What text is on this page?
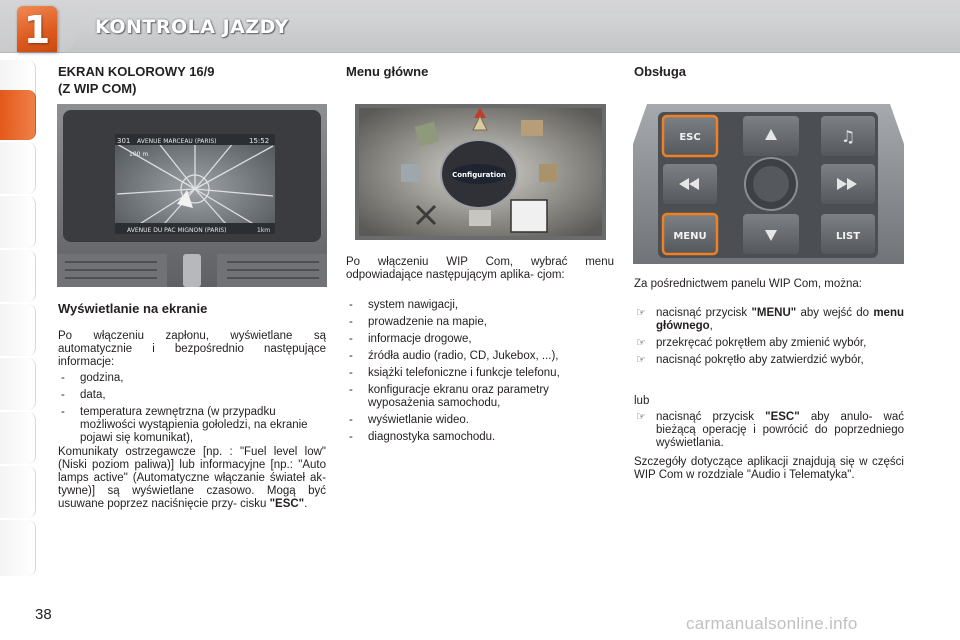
1	KONTROLA JAZDY
EKRAN KOLOROWY 16/9
(Z WIP COM)
301 AVENUE MARCEAU (PARIS)	15:52
100 m
AVENUE DU PAC MIGNON (PARIS)	1km
Wyświetlanie na ekranie
Po włączeniu zapłonu, wyświetlane są automatycznie i bezpośrednio następujące informacje:
- godzina,
- data,
- temperatura zewnętrzna (w przypadku możliwości wystąpienia gołoledzi, na ekranie pojawi się komunikat),
Komunikaty ostrzegawcze [np. : "Fuel level low" (Niski poziom paliwa)] lub informacyjne [np.: "Auto lamps active" (Automatyczne włączanie świateł ak- tywne)] są wyświetlane czasowo. Mogą być usuwane poprzez naciśnięcie przy- cisku "ESC".
Menu główne
Configuration
Po włączeniu WIP Com, wybrać menu odpowiadające następującym aplika- cjom:
- system nawigacji,
- prowadzenie na mapie,
- informacje drogowe,
- źródła audio (radio, CD, Jukebox, ...),
- książki telefoniczne i funkcje telefonu,
- konfiguracje ekranu oraz parametry wyposażenia samochodu,
- wyświetlanie wideo.
- diagnostyka samochodu.
Obsługa
ESC	♫
MENU	LIST
Za pośrednictwem panelu WIP Com, można:
☞ nacisnąć przycisk "MENU" aby wejść do menu głównego,
☞ przekręcać pokrętłem aby zmienić wybór,
☞ nacisnąć pokrętło aby zatwierdzić wybór,
lub
☞ nacisnąć przycisk "ESC" aby anulo- wać bieżącą operację i powrócić do poprzedniego wyświetlania.
Szczegóły dotyczące aplikacji znajdują się w części WIP Com w rozdziale "Audio i Telematyka".
38	carmanualsonline.info
